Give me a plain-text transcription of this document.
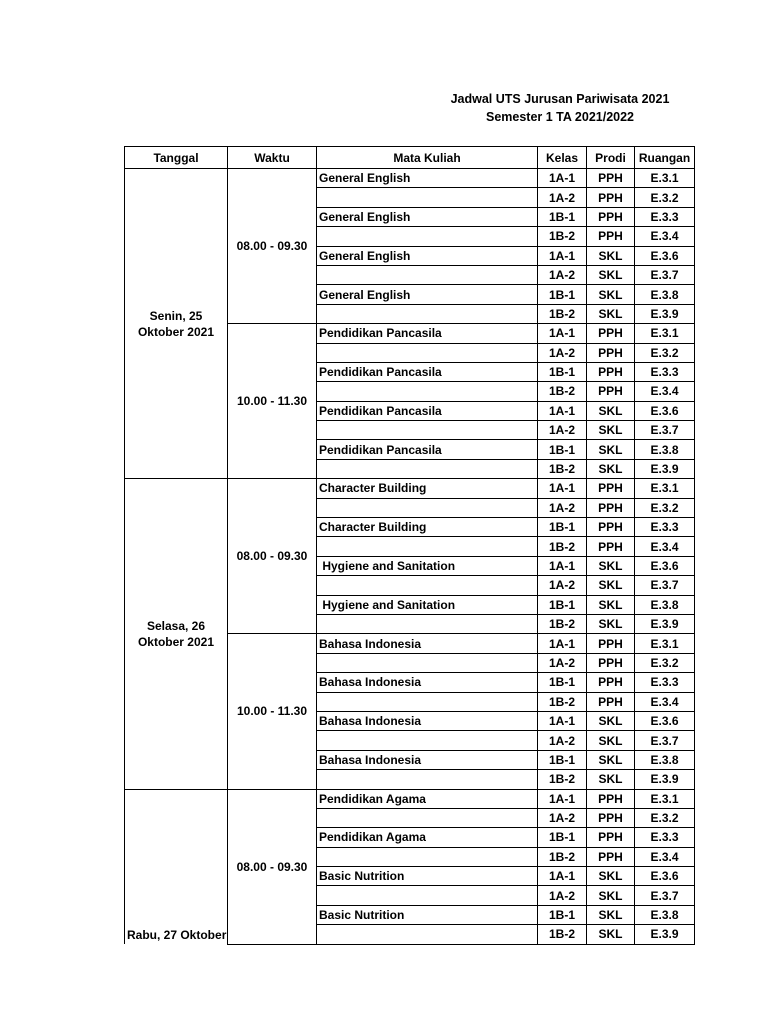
Jadwal UTS Jurusan Pariwisata 2021
Semester 1 TA 2021/2022
Tanggal	Waktu	Mata Kuliah	Kelas	Prodi	Ruangan
Senin, 25 Oktober 2021	08.00 - 09.30	General English	1A-1	PPH	E.3.1
			1A-2	PPH	E.3.2
		General English	1B-1	PPH	E.3.3
			1B-2	PPH	E.3.4
		General English	1A-1	SKL	E.3.6
			1A-2	SKL	E.3.7
		General English	1B-1	SKL	E.3.8
			1B-2	SKL	E.3.9
	10.00 - 11.30	Pendidikan Pancasila	1A-1	PPH	E.3.1
			1A-2	PPH	E.3.2
		Pendidikan Pancasila	1B-1	PPH	E.3.3
			1B-2	PPH	E.3.4
		Pendidikan Pancasila	1A-1	SKL	E.3.6
			1A-2	SKL	E.3.7
		Pendidikan Pancasila	1B-1	SKL	E.3.8
			1B-2	SKL	E.3.9
Selasa, 26 Oktober 2021	08.00 - 09.30	Character Building	1A-1	PPH	E.3.1
			1A-2	PPH	E.3.2
		Character Building	1B-1	PPH	E.3.3
			1B-2	PPH	E.3.4
		Hygiene and Sanitation	1A-1	SKL	E.3.6
			1A-2	SKL	E.3.7
		Hygiene and Sanitation	1B-1	SKL	E.3.8
			1B-2	SKL	E.3.9
	10.00 - 11.30	Bahasa Indonesia	1A-1	PPH	E.3.1
			1A-2	PPH	E.3.2
		Bahasa Indonesia	1B-1	PPH	E.3.3
			1B-2	PPH	E.3.4
		Bahasa Indonesia	1A-1	SKL	E.3.6
			1A-2	SKL	E.3.7
		Bahasa Indonesia	1B-1	SKL	E.3.8
			1B-2	SKL	E.3.9
Rabu, 27 Oktober	08.00 - 09.30	Pendidikan Agama	1A-1	PPH	E.3.1
			1A-2	PPH	E.3.2
		Pendidikan Agama	1B-1	PPH	E.3.3
			1B-2	PPH	E.3.4
		Basic Nutrition	1A-1	SKL	E.3.6
			1A-2	SKL	E.3.7
		Basic Nutrition	1B-1	SKL	E.3.8
			1B-2	SKL	E.3.9
